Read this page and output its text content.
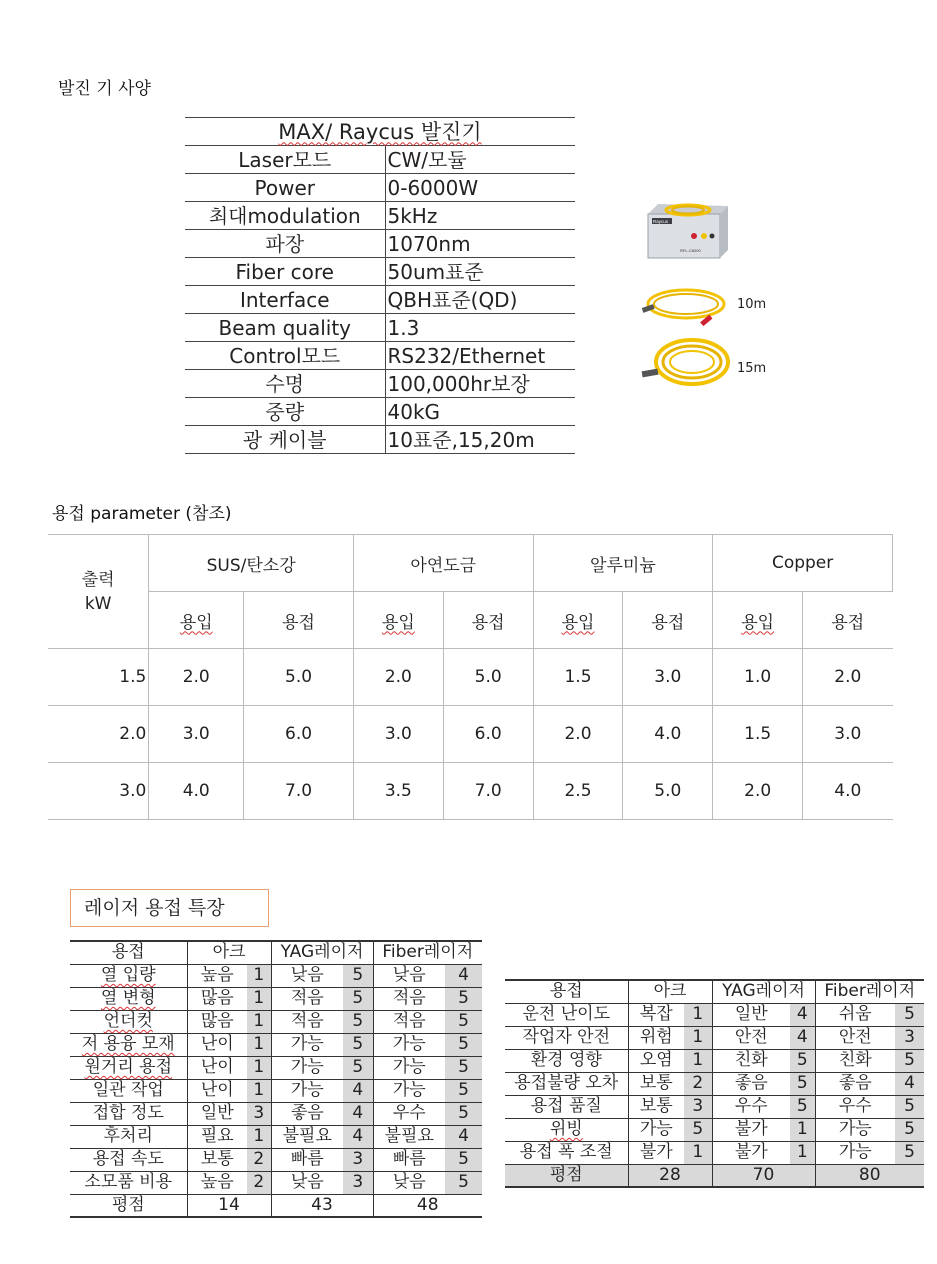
발진 기 사양
MAX/ Raycus 발진기	
Laser모드	CW/모듈
Power	0-6000W
최대modulation	5kHz
파장	1070nm
Fiber core	50um표준
Interface	QBH표준(QD)
Beam quality	1.3
Control모드	RS232/Ethernet
수명	100,000hr보장
중량	40kG
광 케이블	10표준,15,20m
Raycus
RFL-C6000
10m
15m
용접 parameter (참조)
출력
kW	SUS/탄소강		아연도금		알루미늄		Copper	
	용입	용접	용입	용접	용입	용접	용입	용접
1.5	2.0	5.0	2.0	5.0	1.5	3.0	1.0	2.0
2.0	3.0	6.0	3.0	6.0	2.0	4.0	1.5	3.0
3.0	4.0	7.0	3.5	7.0	2.5	5.0	2.0	4.0
레이저 용접 특장
용접	아크		YAG레이저		Fiber레이저	
열 입량	높음	1	낮음	5	낮음	4
열 변형	많음	1	적음	5	적음	5
언더컷	많음	1	적음	5	적음	5
저 용융 모재	난이	1	가능	5	가능	5
원거리 용접	난이	1	가능	5	가능	5
일관 작업	난이	1	가능	4	가능	5
접합 정도	일반	3	좋음	4	우수	5
후처리	필요	1	불필요	4	불필요	4
용접 속도	보통	2	빠름	3	빠름	5
소모품 비용	높음	2	낮음	3	낮음	5
평점	14		43		48	
용접	아크		YAG레이저		Fiber레이저	
운전 난이도	복잡	1	일반	4	쉬움	5
작업자 안전	위험	1	안전	4	안전	3
환경 영향	오염	1	친화	5	친화	5
용접불량 오차	보통	2	좋음	5	좋음	4
용접 품질	보통	3	우수	5	우수	5
위빙	가능	5	불가	1	가능	5
용접 폭 조절	불가	1	불가	1	가능	5
평점	28		70		80	
